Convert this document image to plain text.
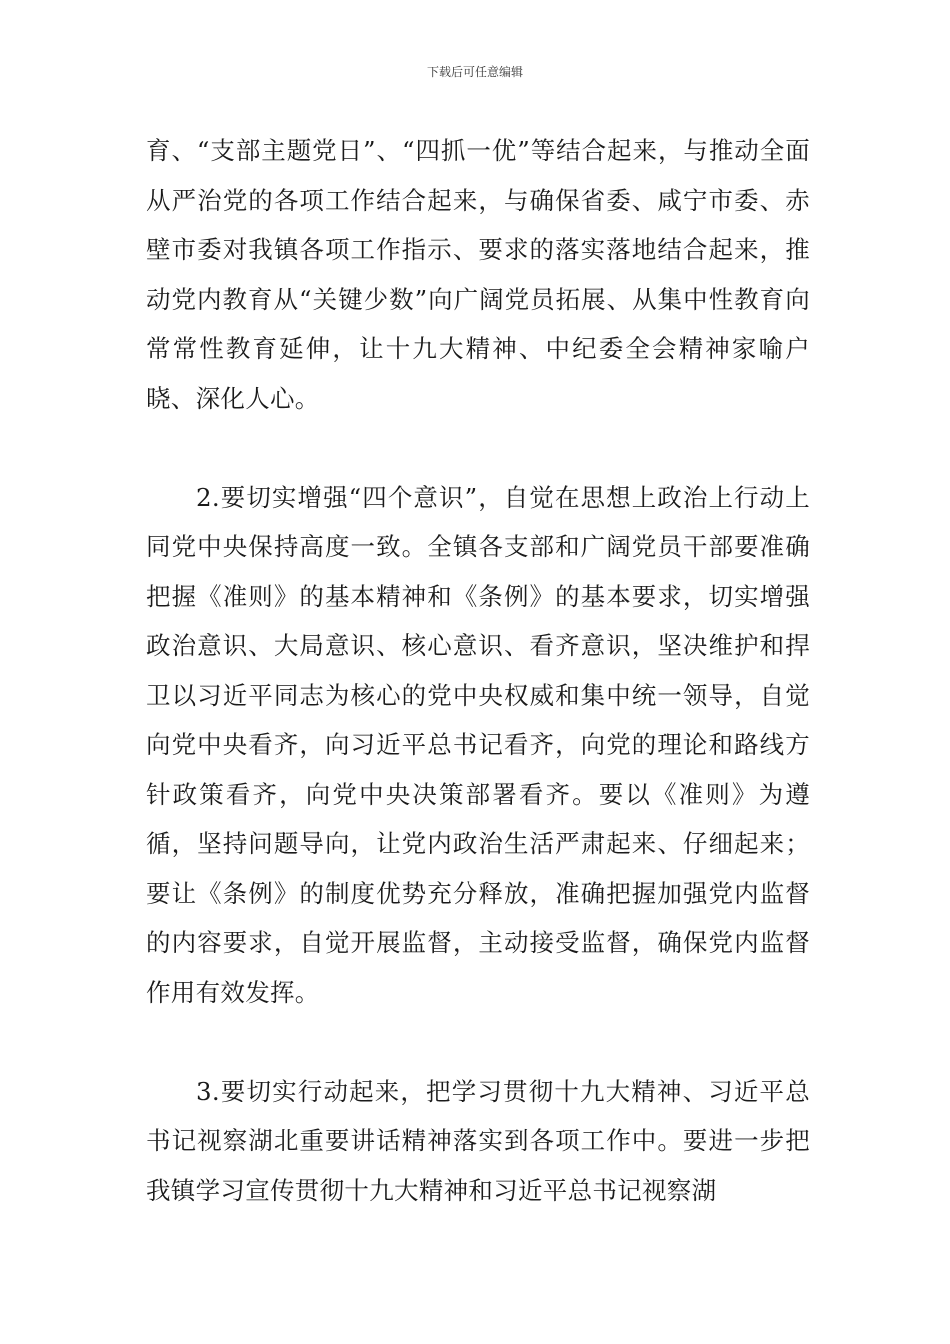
下载后可任意编辑

育、“支部主题党日”、“四抓一优”等结合起来，与推动全面从严治党的各项工作结合起来，与确保省委、咸宁市委、赤壁市委对我镇各项工作指示、要求的落实落地结合起来，推动党内教育从“关键少数”向广阔党员拓展、从集中性教育向常常性教育延伸，让十九大精神、中纪委全会精神家喻户晓、深化人心。

2.要切实增强“四个意识”，自觉在思想上政治上行动上同党中央保持高度一致。全镇各支部和广阔党员干部要准确把握《准则》的基本精神和《条例》的基本要求，切实增强政治意识、大局意识、核心意识、看齐意识，坚决维护和捍卫以习近平同志为核心的党中央权威和集中统一领导，自觉向党中央看齐，向习近平总书记看齐，向党的理论和路线方针政策看齐，向党中央决策部署看齐。要以《准则》为遵循，坚持问题导向，让党内政治生活严肃起来、仔细起来；要让《条例》的制度优势充分释放，准确把握加强党内监督的内容要求，自觉开展监督，主动接受监督，确保党内监督作用有效发挥。

3.要切实行动起来，把学习贯彻十九大精神、习近平总书记视察湖北重要讲话精神落实到各项工作中。要进一步把我镇学习宣传贯彻十九大精神和习近平总书记视察湖
